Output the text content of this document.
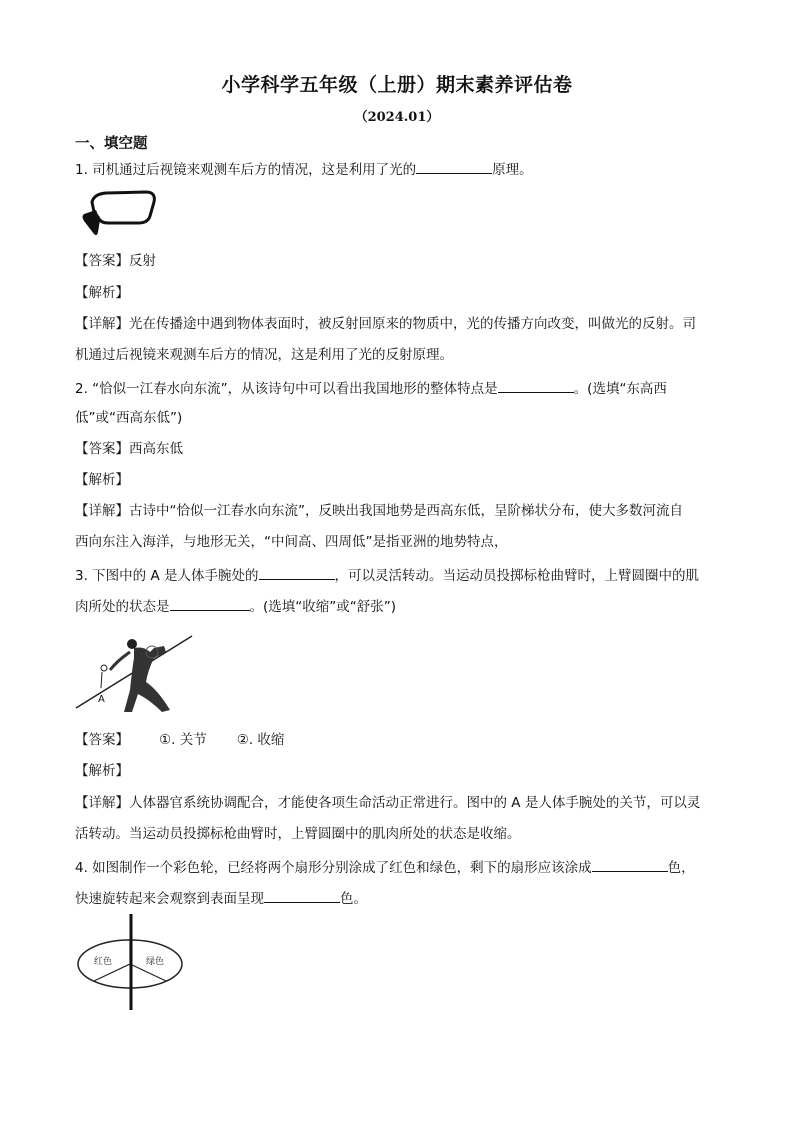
小学科学五年级（上册）期末素养评估卷
（2024.01）
一、填空题
1. 司机通过后视镜来观测车后方的情况，这是利用了光的	原理。
【答案】反射
【解析】
【详解】光在传播途中遇到物体表面时，被反射回原来的物质中，光的传播方向改变，叫做光的反射。司
机通过后视镜来观测车后方的情况，这是利用了光的反射原理。
2. “恰似一江春水向东流”，从该诗句中可以看出我国地形的整体特点是	。(选填“东高西
低”或“西高东低”)
【答案】西高东低
【解析】
【详解】古诗中“恰似一江春水向东流”，反映出我国地势是西高东低，呈阶梯状分布，使大多数河流自
西向东注入海洋，与地形无关，“中间高、四周低”是指亚洲的地势特点，
3. 下图中的 A 是人体手腕处的	，可以灵活转动。当运动员投掷标枪曲臂时，上臂圆圈中的肌
肉所处的状态是	。(选填“收缩”或“舒张”)
A
【答案】 ①. 关节 ②. 收缩
【解析】
【详解】人体器官系统协调配合，才能使各项生命活动正常进行。图中的 A 是人体手腕处的关节，可以灵
活转动。当运动员投掷标枪曲臂时，上臂圆圈中的肌肉所处的状态是收缩。
4. 如图制作一个彩色轮，已经将两个扇形分别涂成了红色和绿色，剩下的扇形应该涂成	色，
快速旋转起来会观察到表面呈现	色。
红色	绿色
